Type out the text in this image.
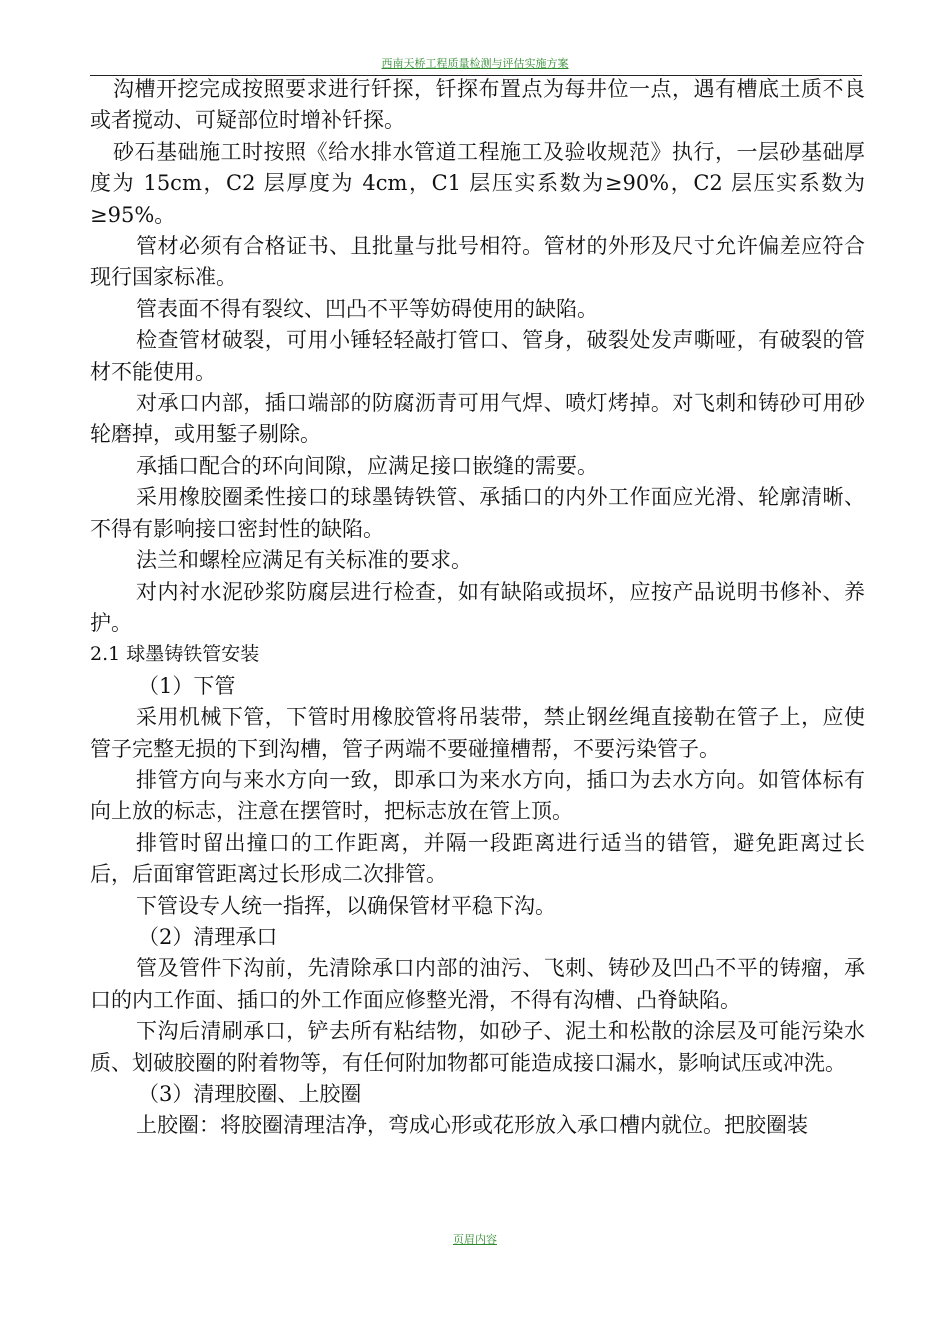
西南天桥工程质量检测与评估实施方案

沟槽开挖完成按照要求进行钎探，钎探布置点为每井位一点，遇有槽底土质不良或者搅动、可疑部位时增补钎探。

砂石基础施工时按照《给水排水管道工程施工及验收规范》执行，一层砂基础厚度为 15cm，C2 层厚度为 4cm，C1 层压实系数为≥90%，C2 层压实系数为≥95%。

管材必须有合格证书、且批量与批号相符。管材的外形及尺寸允许偏差应符合现行国家标准。

管表面不得有裂纹、凹凸不平等妨碍使用的缺陷。

检查管材破裂，可用小锤轻轻敲打管口、管身，破裂处发声嘶哑，有破裂的管材不能使用。

对承口内部，插口端部的防腐沥青可用气焊、喷灯烤掉。对飞刺和铸砂可用砂轮磨掉，或用錾子剔除。

承插口配合的环向间隙，应满足接口嵌缝的需要。

采用橡胶圈柔性接口的球墨铸铁管、承插口的内外工作面应光滑、轮廓清晰、不得有影响接口密封性的缺陷。

法兰和螺栓应满足有关标准的要求。

对内衬水泥砂浆防腐层进行检查，如有缺陷或损坏，应按产品说明书修补、养护。

2.1 球墨铸铁管安装

（1）下管

采用机械下管，下管时用橡胶管将吊装带，禁止钢丝绳直接勒在管子上，应使管子完整无损的下到沟槽，管子两端不要碰撞槽帮，不要污染管子。

排管方向与来水方向一致，即承口为来水方向，插口为去水方向。如管体标有向上放的标志，注意在摆管时，把标志放在管上顶。

排管时留出撞口的工作距离，并隔一段距离进行适当的错管，避免距离过长后，后面窜管距离过长形成二次排管。

下管设专人统一指挥，以确保管材平稳下沟。

（2）清理承口

管及管件下沟前，先清除承口内部的油污、飞刺、铸砂及凹凸不平的铸瘤，承口的内工作面、插口的外工作面应修整光滑，不得有沟槽、凸脊缺陷。

下沟后清刷承口，铲去所有粘结物，如砂子、泥土和松散的涂层及可能污染水质、划破胶圈的附着物等，有任何附加物都可能造成接口漏水，影响试压或冲洗。

（3）清理胶圈、上胶圈

上胶圈：将胶圈清理洁净，弯成心形或花形放入承口槽内就位。把胶圈装

页眉内容
